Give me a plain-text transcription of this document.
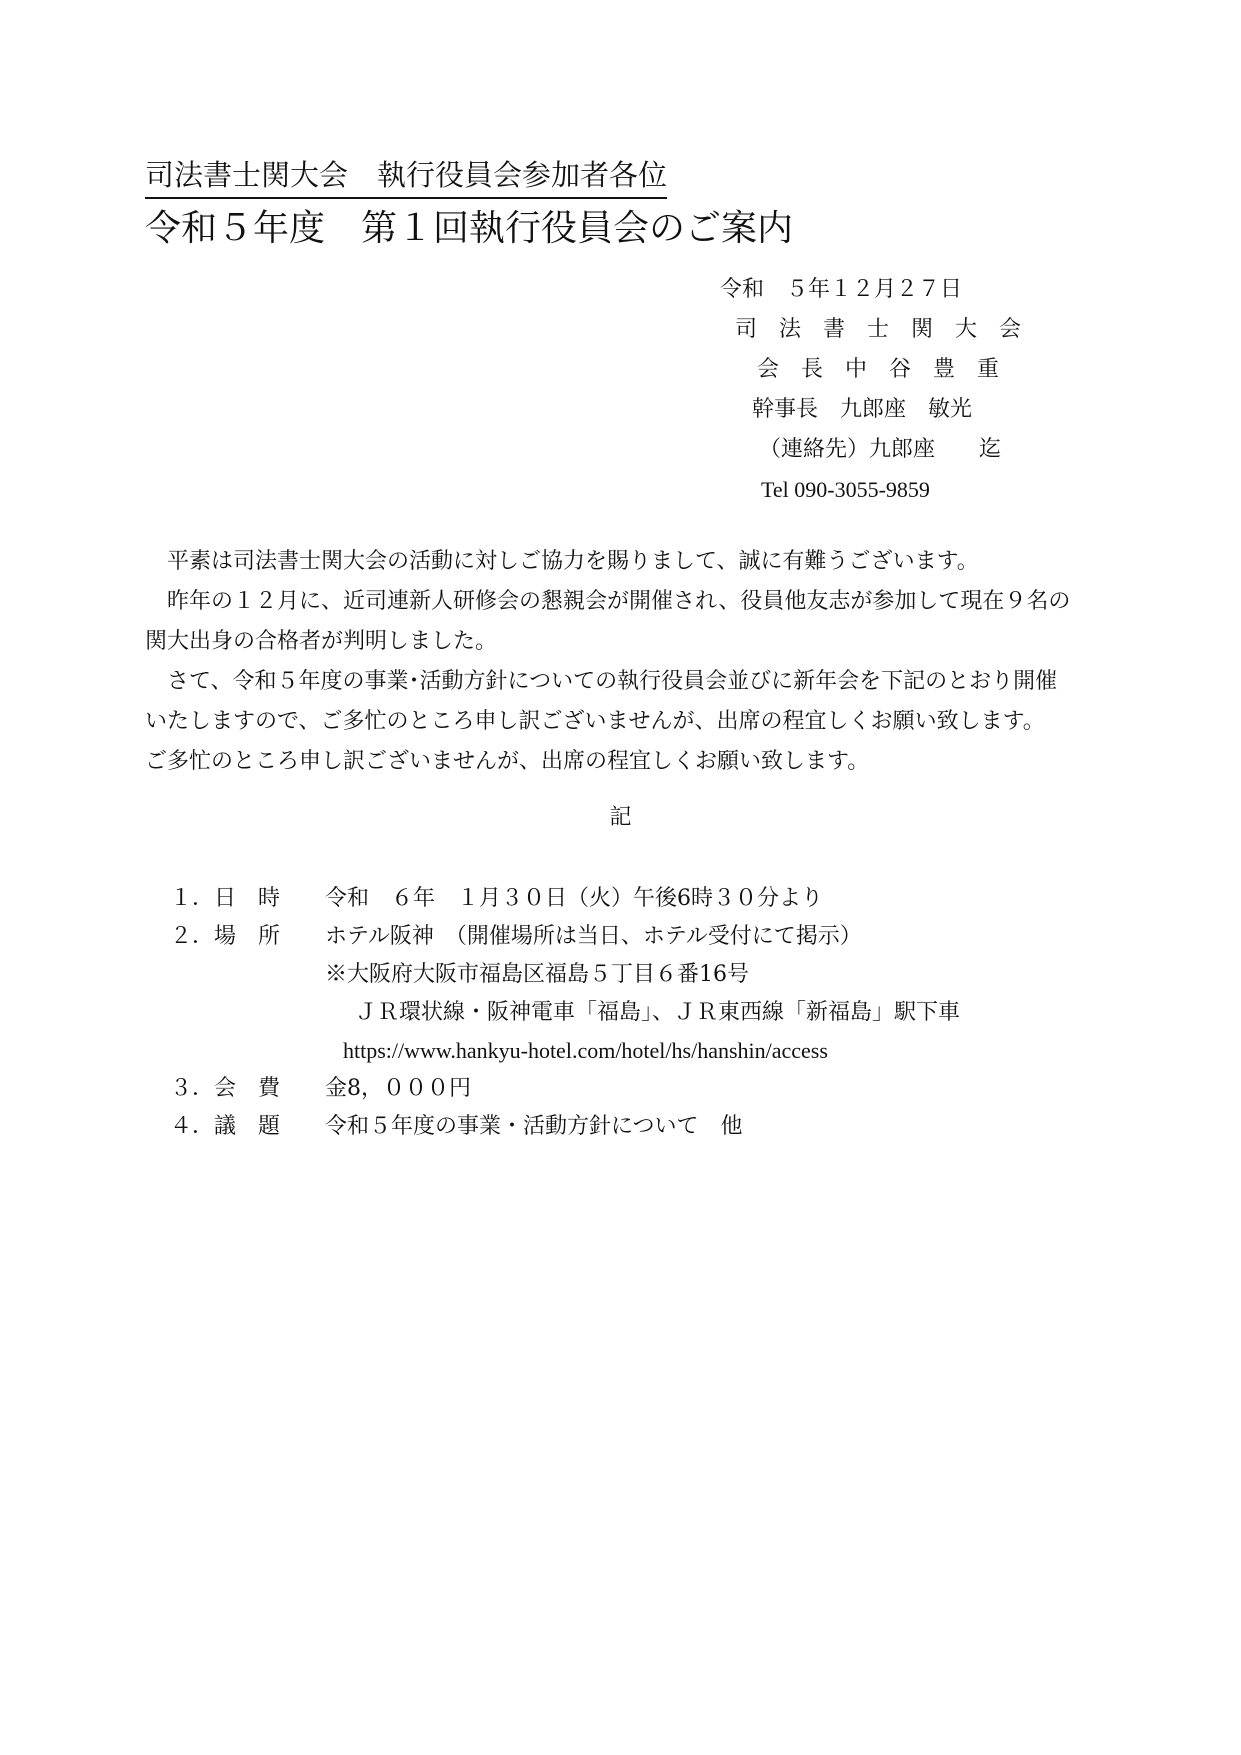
司法書士関大会　執行役員会参加者各位
令和５年度　第１回執行役員会のご案内
令和　５年１２月２７日
司　法　書　士　関　大　会
会　長　中　谷　豊　重
幹事長　九郎座　敏光
（連絡先）九郎座　　迄
Tel 090-3055-9859

　平素は司法書士関大会の活動に対しご協力を賜りまして、誠に有難うございます。

　昨年の１２月に、近司連新人研修会の懇親会が開催され、役員他友志が参加して現在９名の

関大出身の合格者が判明しました。

　さて、令和５年度の事業･活動方針についての執行役員会並びに新年会を下記のとおり開催

いたしますので、ご多忙のところ申し訳ございませんが、出席の程宜しくお願い致します。

ご多忙のところ申し訳ございませんが、出席の程宜しくお願い致します。

記
１．日　時	令和　６年　１月３０日（火）午後6時３０分より
２．場　所	ホテル阪神　（開催場所は当日、ホテル受付にて掲示）
※大阪府大阪市福島区福島５丁目６番16号
ＪＲ環状線・阪神電車「福島」、ＪＲ東西線「新福島」駅下車
https://www.hankyu-hotel.com/hotel/hs/hanshin/access
３．会　費	金8，０００円
４．議　題	令和５年度の事業・活動方針について　他
